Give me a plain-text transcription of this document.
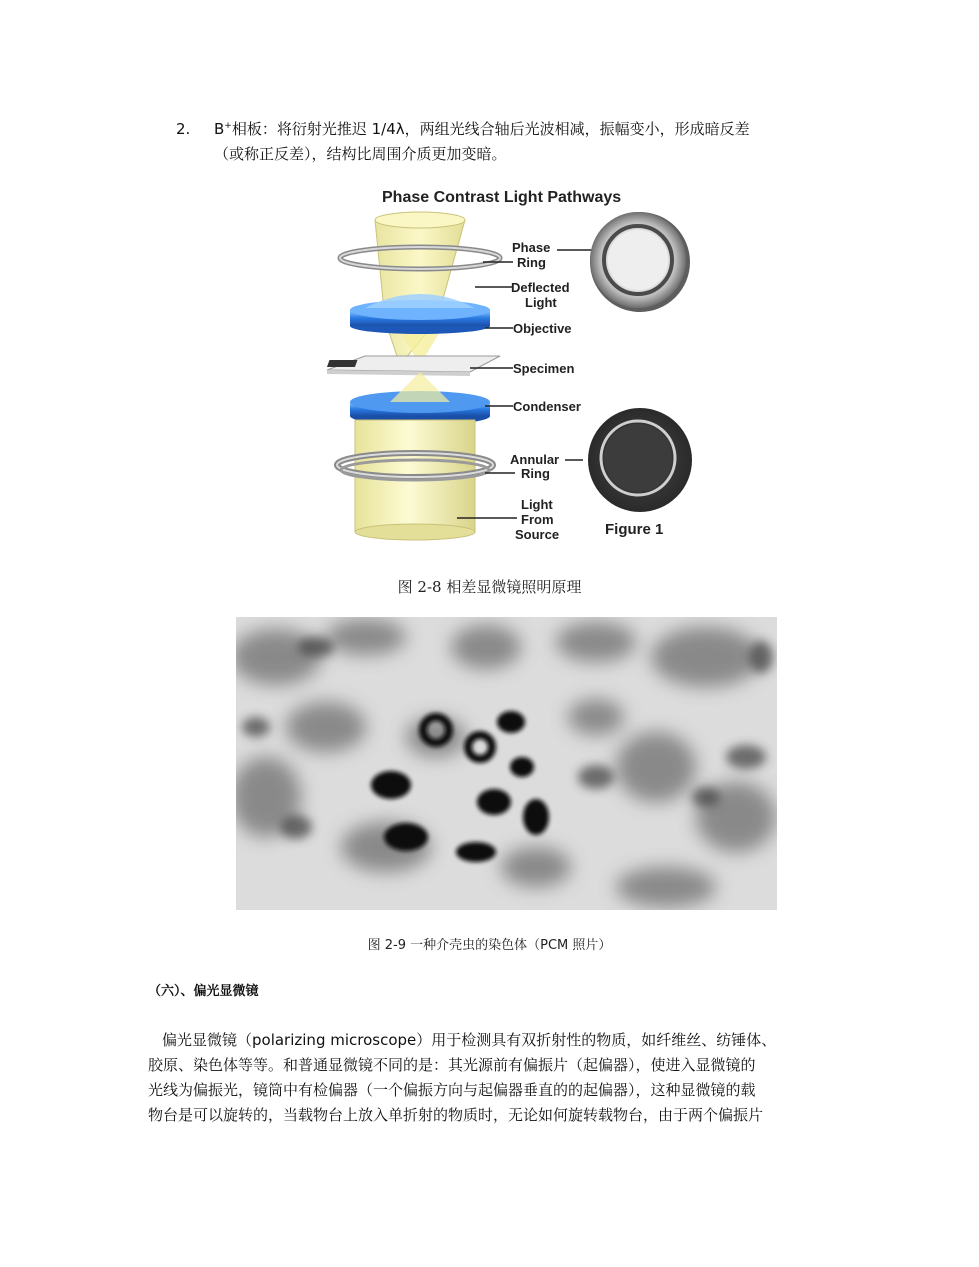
2. B+相板：将衍射光推迟 1/4λ，两组光线合轴后光波相减，振幅变小，形成暗反差
（或称正反差），结构比周围介质更加变暗。
Phase Contrast Light Pathways
Phase
Ring
Deflected
Light
Objective
Specimen
Condenser
Annular
Ring
Light
From
Source	Figure 1
图 2-8 相差显微镜照明原理
图 2-9 一种介壳虫的染色体（PCM 照片）
（六）、偏光显微镜
偏光显微镜（polarizing microscope）用于检测具有双折射性的物质，如纤维丝、纺锤体、
胶原、染色体等等。和普通显微镜不同的是：其光源前有偏振片（起偏器），使进入显微镜的
光线为偏振光，镜筒中有检偏器（一个偏振方向与起偏器垂直的的起偏器），这种显微镜的载
物台是可以旋转的，当载物台上放入单折射的物质时，无论如何旋转载物台，由于两个偏振片
